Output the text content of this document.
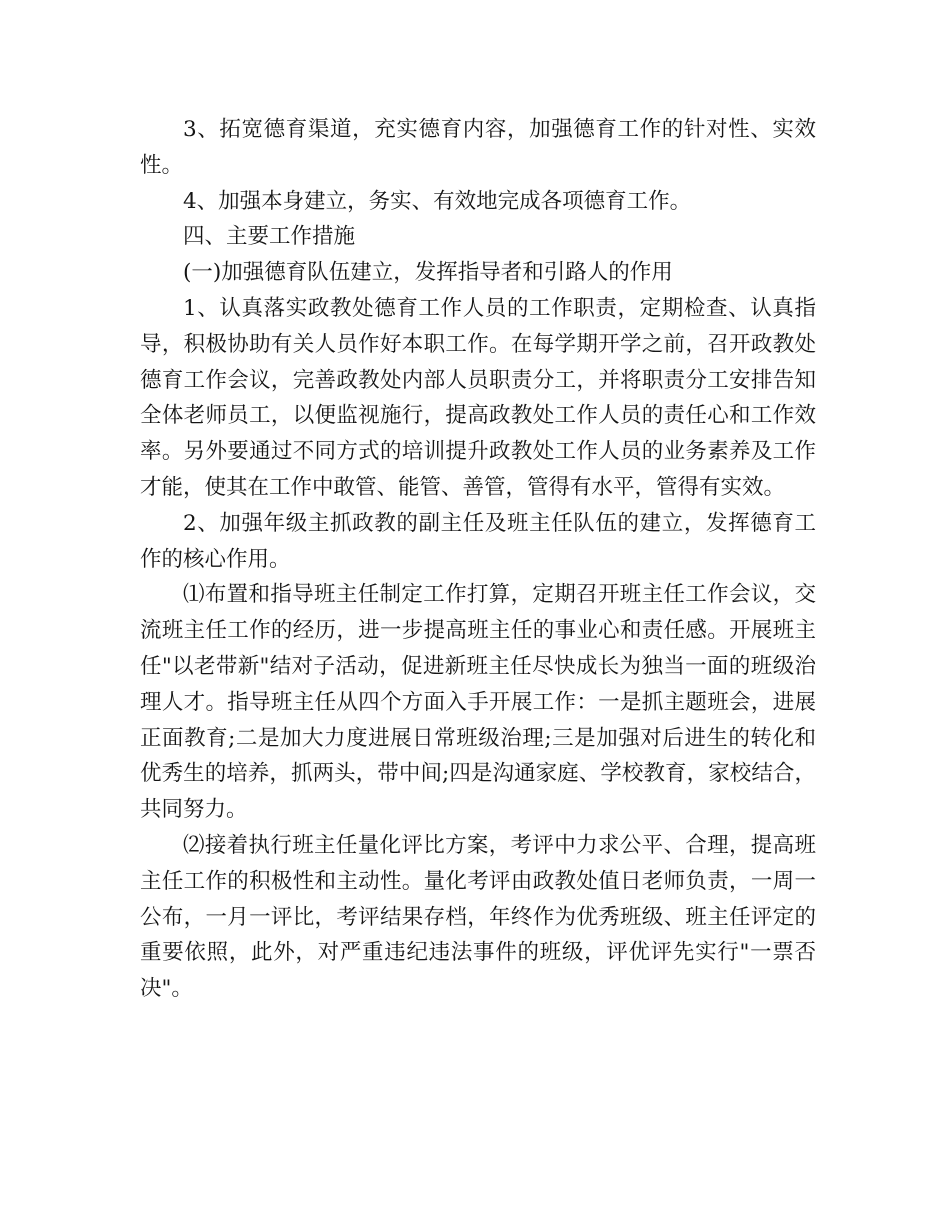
3、拓宽德育渠道，充实德育内容，加强德育工作的针对性、实效性。

4、加强本身建立，务实、有效地完成各项德育工作。

四、主要工作措施

(一)加强德育队伍建立，发挥指导者和引路人的作用

1、认真落实政教处德育工作人员的工作职责，定期检查、认真指导，积极协助有关人员作好本职工作。在每学期开学之前，召开政教处德育工作会议，完善政教处内部人员职责分工，并将职责分工安排告知全体老师员工，以便监视施行，提高政教处工作人员的责任心和工作效率。另外要通过不同方式的培训提升政教处工作人员的业务素养及工作才能，使其在工作中敢管、能管、善管，管得有水平，管得有实效。

2、加强年级主抓政教的副主任及班主任队伍的建立，发挥德育工作的核心作用。

⑴布置和指导班主任制定工作打算，定期召开班主任工作会议，交流班主任工作的经历，进一步提高班主任的事业心和责任感。开展班主任"以老带新"结对子活动，促进新班主任尽快成长为独当一面的班级治理人才。指导班主任从四个方面入手开展工作：一是抓主题班会，进展正面教育;二是加大力度进展日常班级治理;三是加强对后进生的转化和优秀生的培养，抓两头，带中间;四是沟通家庭、学校教育，家校结合，共同努力。

⑵接着执行班主任量化评比方案，考评中力求公平、合理，提高班主任工作的积极性和主动性。量化考评由政教处值日老师负责，一周一公布，一月一评比，考评结果存档，年终作为优秀班级、班主任评定的重要依照，此外，对严重违纪违法事件的班级，评优评先实行"一票否决"。
